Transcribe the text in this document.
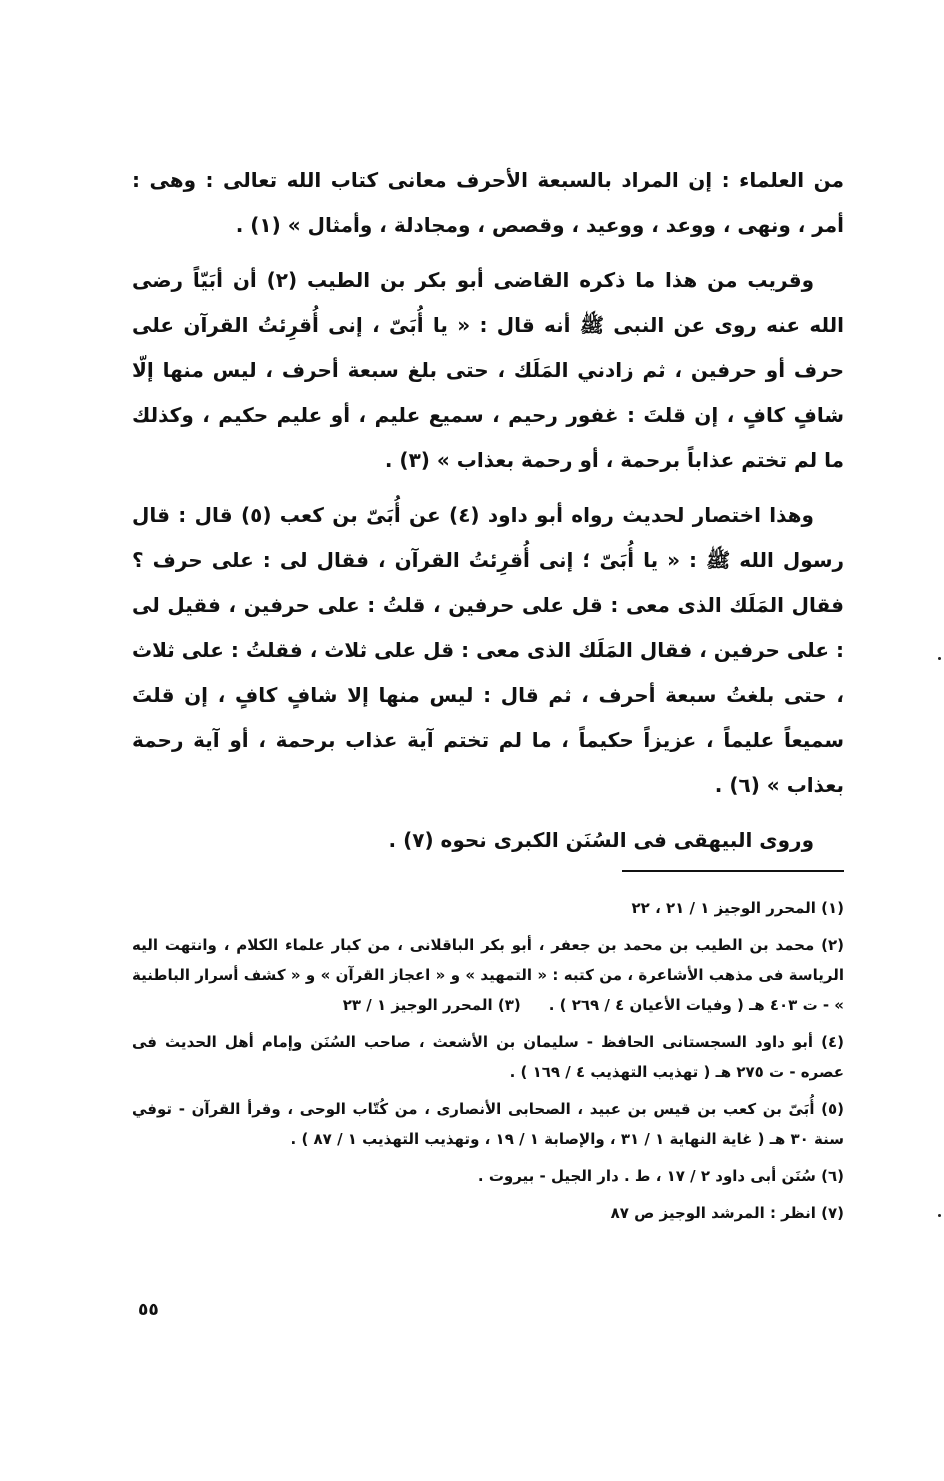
من العلماء : إن المراد بالسبعة الأحرف معانى كتاب الله تعالى : وهى : أمر ، ونهى ، ووعد ، ووعيد ، وقصص ، ومجادلة ، وأمثال » (١) .

وقريب من هذا ما ذكره القاضى أبو بكر بن الطيب (٢) أن أبَيّاً رضى الله عنه روى عن النبى ﷺ أنه قال : « يا أُبَىّ ، إنى أُقرِئتُ القرآن على حرف أو حرفين ، ثم زادني المَلَك ، حتى بلغ سبعة أحرف ، ليس منها إلّا شافٍ كافٍ ، إن قلتَ : غفور رحيم ، سميع عليم ، أو عليم حكيم ، وكذلك ما لم تختم عذاباً برحمة ، أو رحمة بعذاب » (٣) .

وهذا اختصار لحديث رواه أبو داود (٤) عن أُبَىّ بن كعب (٥) قال : قال رسول الله ﷺ : « يا أُبَىّ ؛ إنى أُقرِئتُ القرآن ، فقال لى : على حرف ؟ فقال المَلَك الذى معى : قل على حرفين ، قلتُ : على حرفين ، فقيل لى : على حرفين ، فقال المَلَك الذى معى : قل على ثلاث ، فقلتُ : على ثلاث ، حتى بلغتُ سبعة أحرف ، ثم قال : ليس منها إلا شافٍ كافٍ ، إن قلتَ سميعاً عليماً ، عزيزاً حكيماً ، ما لم تختم آية عذاب برحمة ، أو آية رحمة بعذاب » (٦) .

وروى البيهقى فى السُنَن الكبرى نحوه (٧) .

(١) المحرر الوجيز ١ / ٢١ ، ٢٢

(٢) محمد بن الطيب بن محمد بن جعفر ، أبو بكر الباقلانى ، من كبار علماء الكلام ، وانتهت اليه الرياسة فى مذهب الأشاعرة ، من كتبه : « التمهيد » و « اعجاز القرآن » و « كشف أسرار الباطنية » - ت ٤٠٣ هـ ( وفيات الأعيان ٤ / ٢٦٩ ) .(٣) المحرر الوجيز ١ / ٢٣

(٤) أبو داود السجستانى الحافظ - سليمان بن الأشعث ، صاحب السُنَن وإمام أهل الحديث فى عصره - ت ٢٧٥ هـ ( تهذيب التهذيب ٤ / ١٦٩ ) .

(٥) أُبَىّ بن كعب بن قيس بن عبيد ، الصحابى الأنصارى ، من كُتّاب الوحى ، وقرأ القرآن - توفي سنة ٣٠ هـ ( غاية النهاية ١ / ٣١ ، والإصابة ١ / ١٩ ، وتهذيب التهذيب ١ / ٨٧ ) .

(٦) سُنَن أبى داود ٢ / ١٧ ، ط . دار الجيل - بيروت .

(٧) انظر : المرشد الوجيز ص ٨٧

٥٥
